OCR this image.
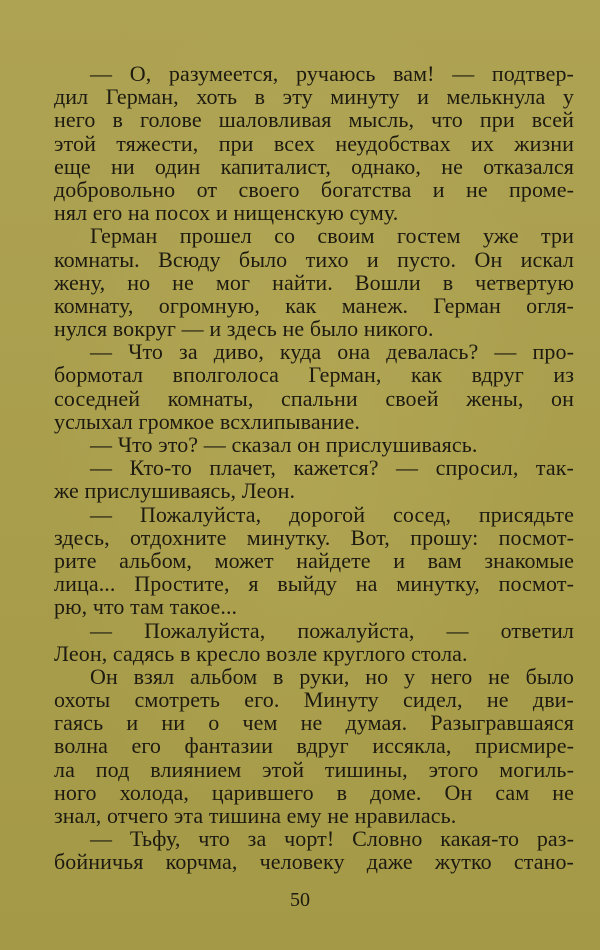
— О, разумеется, ручаюсь вам! — подтвер-
дил Герман, хоть в эту минуту и мелькнула у
него в голове шаловливая мысль, что при всей
этой тяжести, при всех неудобствах их жизни
еще ни один капиталист, однако, не отказался
добровольно от своего богатства и не проме-
нял его на посох и нищенскую суму.
Герман прошел со своим гостем уже три
комнаты. Всюду было тихо и пусто. Он искал
жену, но не мог найти. Вошли в четвертую
комнату, огромную, как манеж. Герман огля-
нулся вокруг — и здесь не было никого.
— Что за диво, куда она девалась? — про-
бормотал вполголоса Герман, как вдруг из
соседней комнаты, спальни своей жены, он
услыхал громкое всхлипывание.
— Что это? — сказал он прислушиваясь.
— Кто-то плачет, кажется? — спросил, так-
же прислушиваясь, Леон.
— Пожалуйста, дорогой сосед, присядьте
здесь, отдохните минутку. Вот, прошу: посмот-
рите альбом, может найдете и вам знакомые
лица... Простите, я выйду на минутку, посмот-
рю, что там такое...
— Пожалуйста, пожалуйста, — ответил
Леон, садясь в кресло возле круглого стола.
Он взял альбом в руки, но у него не было
охоты смотреть его. Минуту сидел, не дви-
гаясь и ни о чем не думая. Разыгравшаяся
волна его фантазии вдруг иссякла, присмире-
ла под влиянием этой тишины, этого могиль-
ного холода, царившего в доме. Он сам не
знал, отчего эта тишина ему не нравилась.
— Тьфу, что за чорт! Словно какая-то раз-
бойничья корчма, человеку даже жутко стано-
50
